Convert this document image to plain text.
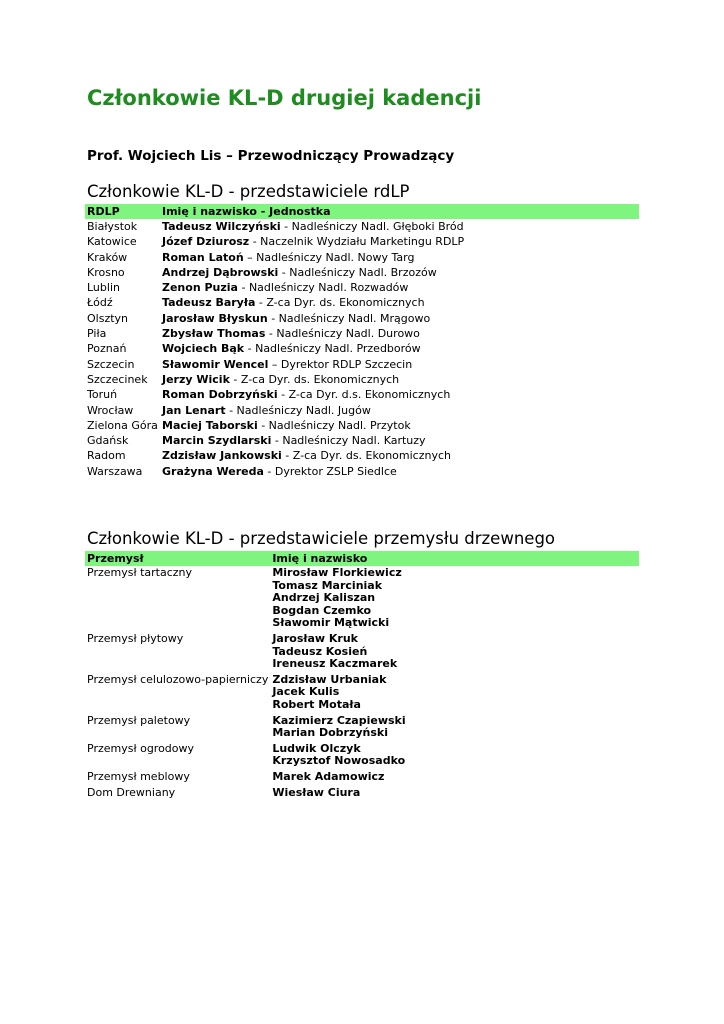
Członkowie KL-D drugiej kadencji

Prof. Wojciech Lis – Przewodniczący Prowadzący

Członkowie KL-D - przedstawiciele rdLP
RDLP	Imię i nazwisko - Jednostka
Białystok	Tadeusz Wilczyński - Nadleśniczy Nadl. Głęboki Bród
Katowice	Józef Dziurosz - Naczelnik Wydziału Marketingu RDLP
Kraków	Roman Latoń – Nadleśniczy Nadl. Nowy Targ
Krosno	Andrzej Dąbrowski - Nadleśniczy Nadl. Brzozów
Lublin	Zenon Puzia - Nadleśniczy Nadl. Rozwadów
Łódź	Tadeusz Baryła - Z-ca Dyr. ds. Ekonomicznych
Olsztyn	Jarosław Błyskun - Nadleśniczy Nadl. Mrągowo
Piła	Zbysław Thomas - Nadleśniczy Nadl. Durowo
Poznań	Wojciech Bąk - Nadleśniczy Nadl. Przedborów
Szczecin	Sławomir Wencel – Dyrektor RDLP Szczecin
Szczecinek	Jerzy Wicik - Z-ca Dyr. ds. Ekonomicznych
Toruń	Roman Dobrzyński - Z-ca Dyr. d.s. Ekonomicznych
Wrocław	Jan Lenart - Nadleśniczy Nadl. Jugów
Zielona Góra	Maciej Taborski - Nadleśniczy Nadl. Przytok
Gdańsk	Marcin Szydlarski - Nadleśniczy Nadl. Kartuzy
Radom	Zdzisław Jankowski - Z-ca Dyr. ds. Ekonomicznych
Warszawa	Grażyna Wereda - Dyrektor ZSLP Siedlce
Członkowie KL-D - przedstawiciele przemysłu drzewnego
Przemysł	Imię i nazwisko
Przemysł tartaczny	Mirosław Florkiewicz
Tomasz Marciniak
Andrzej Kaliszan
Bogdan Czemko
Sławomir Mątwicki

Przemysł płytowy	Jarosław Kruk
Tadeusz Kosień
Ireneusz Kaczmarek

Przemysł celulozowo-papierniczy	Zdzisław Urbaniak
Jacek Kulis
Robert Motała

Przemysł paletowy	Kazimierz Czapiewski
Marian Dobrzyński

Przemysł ogrodowy	Ludwik Olczyk
Krzysztof Nowosadko

Przemysł meblowy	Marek Adamowicz

Dom Drewniany	Wiesław Ciura
